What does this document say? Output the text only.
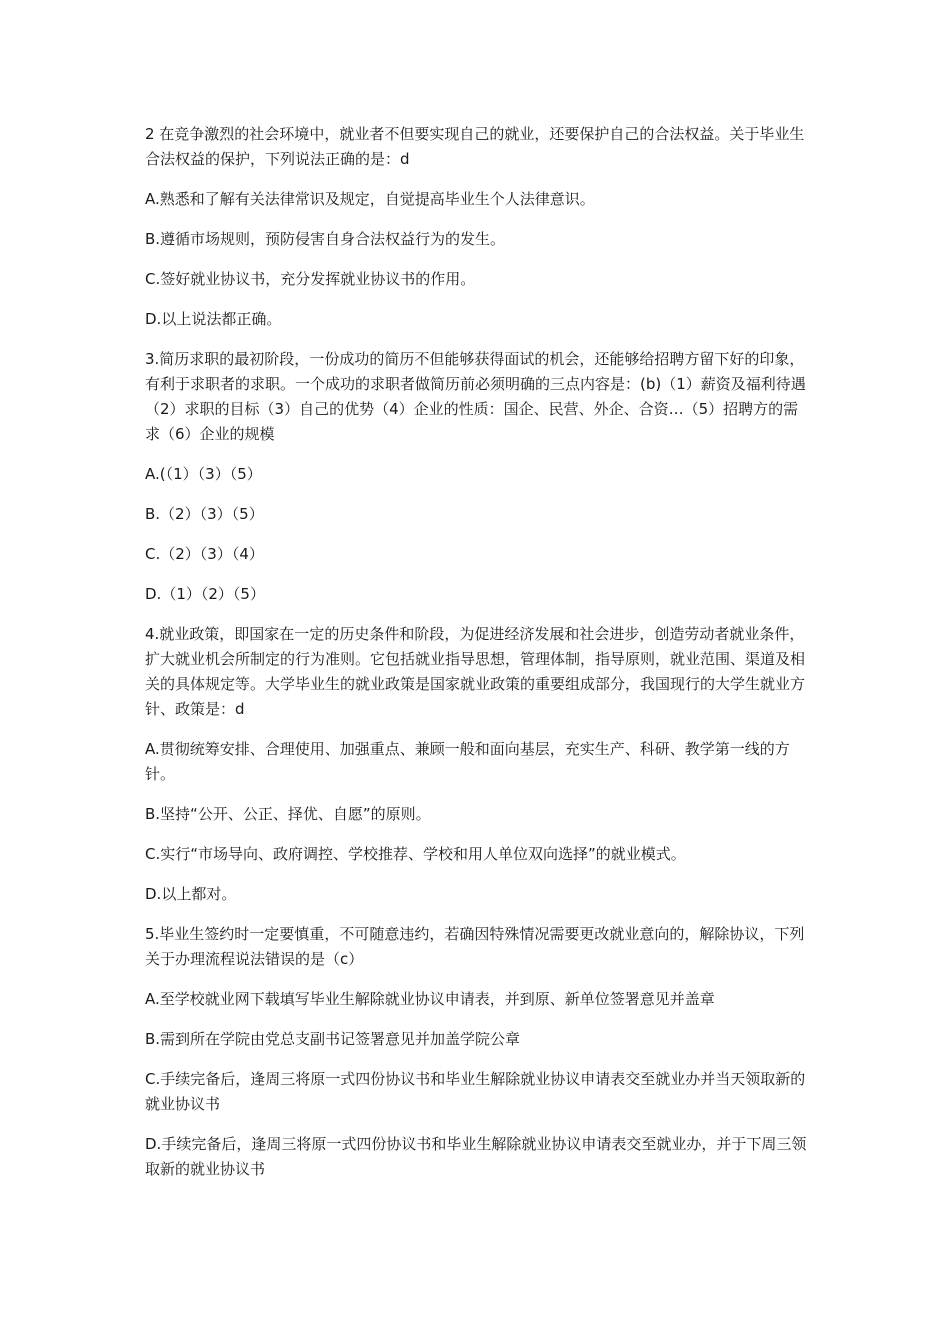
2 在竞争激烈的社会环境中，就业者不但要实现自己的就业，还要保护自己的合法权益。关于毕业生合法权益的保护，下列说法正确的是：d

A.熟悉和了解有关法律常识及规定，自觉提高毕业生个人法律意识。

B.遵循市场规则，预防侵害自身合法权益行为的发生。

C.签好就业协议书，充分发挥就业协议书的作用。

D.以上说法都正确。

3.简历求职的最初阶段，一份成功的简历不但能够获得面试的机会，还能够给招聘方留下好的印象，有利于求职者的求职。一个成功的求职者做简历前必须明确的三点内容是：(b)（1）薪资及福利待遇（2）求职的目标（3）自己的优势（4）企业的性质：国企、民营、外企、合资…（5）招聘方的需求（6）企业的规模

A.(（1）（3）（5）

B.（2）（3）（5）

C.（2）（3）（4）

D.（1）（2）（5）

4.就业政策，即国家在一定的历史条件和阶段，为促进经济发展和社会进步，创造劳动者就业条件，扩大就业机会所制定的行为准则。它包括就业指导思想，管理体制，指导原则，就业范围、渠道及相关的具体规定等。大学毕业生的就业政策是国家就业政策的重要组成部分，我国现行的大学生就业方针、政策是：d

A.贯彻统筹安排、合理使用、加强重点、兼顾一般和面向基层，充实生产、科研、教学第一线的方针。

B.坚持“公开、公正、择优、自愿”的原则。

C.实行“市场导向、政府调控、学校推荐、学校和用人单位双向选择”的就业模式。

D.以上都对。

5.毕业生签约时一定要慎重，不可随意违约，若确因特殊情况需要更改就业意向的，解除协议，下列关于办理流程说法错误的是（c）

A.至学校就业网下载填写毕业生解除就业协议申请表，并到原、新单位签署意见并盖章

B.需到所在学院由党总支副书记签署意见并加盖学院公章

C.手续完备后，逢周三将原一式四份协议书和毕业生解除就业协议申请表交至就业办并当天领取新的就业协议书

D.手续完备后，逢周三将原一式四份协议书和毕业生解除就业协议申请表交至就业办，并于下周三领取新的就业协议书
